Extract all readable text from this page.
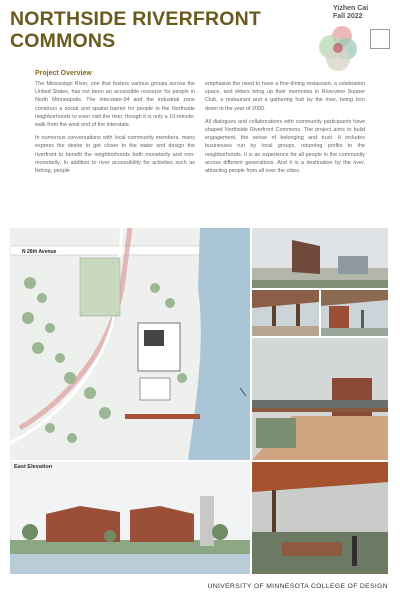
NORTHSIDE RIVERFRONT COMMONS
Yizhen Cai
Fall 2022
Project Overview

The Mississippi River, one that fosters various groups across the United States, has not been an accessible resource for people in North Minneapolis. The interstate-94 and the industrial zone construct a social and spatial barrier for people in the Northside neighborhoods to even visit the river, though it is only a 10-minute-walk from the west end of the interstate.

In numerous conversations with local community members, many express the desire to get closer to the water and design the riverfront to benefit the neighborhoods both monetarily and non-monetarily. In addition to river accessibility for activities such as fishing, people

emphasize the need to have a fine-dining restaurant, a celebration space, and elders bring up their memories in Riverview Supper Club, a restaurant and a gathering hub by the river, being torn down in the year of 2000.

All dialogues and collaborations with community participants have shaped Northside Riverfront Commons. The project aims to build engagement, the sense of belonging and trust. It includes businesses run by local groups, returning profits to the neighborhoods. It is an experience for all people in the community across different generations. And it is a destination by the river, attracting people from all over the cities.

N 26th Avenue
East Elevation
UNIVERSITY OF MINNESOTA COLLEGE OF DESIGN
